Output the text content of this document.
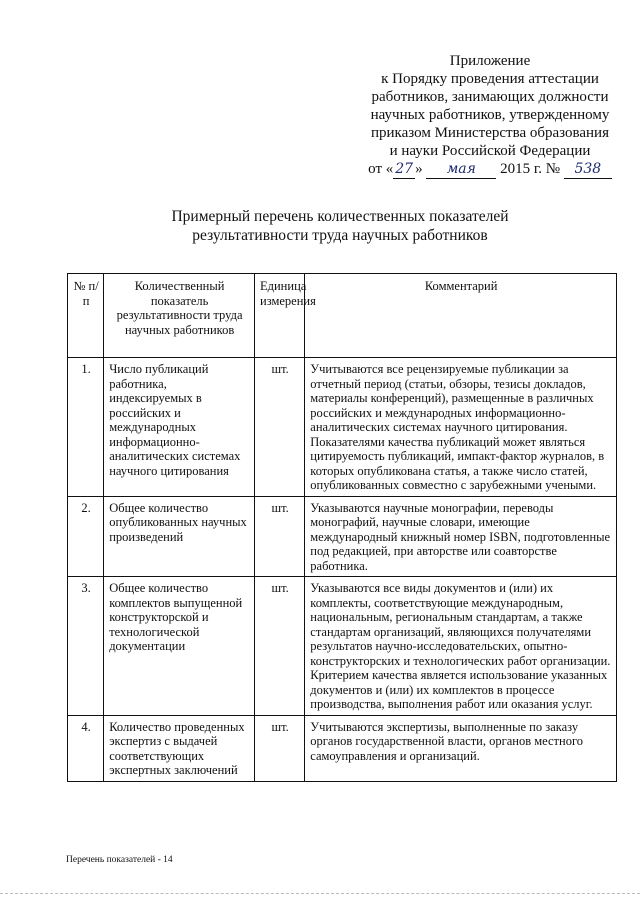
Приложение
к Порядку проведения аттестации
работников, занимающих должности
научных работников, утвержденному
приказом Министерства образования
и науки Российской Федерации
от « 27 » мая 2015 г. № 538
Примерный перечень количественных показателей
результативности труда научных работников
№ п/п	Количественный показатель результативности труда научных работников	Единица измерения	Комментарий
1.	Число публикаций работника, индексируемых в российских и международных информационно-аналитических системах научного цитирования	шт.	Учитываются все рецензируемые публикации за отчетный период (статьи, обзоры, тезисы докладов, материалы конференций), размещенные в различных российских и международных информационно-аналитических системах научного цитирования. Показателями качества публикаций может являться цитируемость публикаций, импакт-фактор журналов, в которых опубликована статья, а также число статей, опубликованных совместно с зарубежными учеными.
2.	Общее количество опубликованных научных произведений	шт.	Указываются научные монографии, переводы монографий, научные словари, имеющие международный книжный номер ISBN, подготовленные под редакцией, при авторстве или соавторстве работника.
3.	Общее количество комплектов выпущенной конструкторской и технологической документации	шт.	Указываются все виды документов и (или) их комплекты, соответствующие международным, национальным, региональным стандартам, а также стандартам организаций, являющихся получателями результатов научно-исследовательских, опытно-конструкторских и технологических работ организации. Критерием качества является использование указанных документов и (или) их комплектов в процессе производства, выполнения работ или оказания услуг.
4.	Количество проведенных экспертиз с выдачей соответствующих экспертных заключений	шт.	Учитываются экспертизы, выполненные по заказу органов государственной власти, органов местного самоуправления и организаций.
Перечень показателей - 14
